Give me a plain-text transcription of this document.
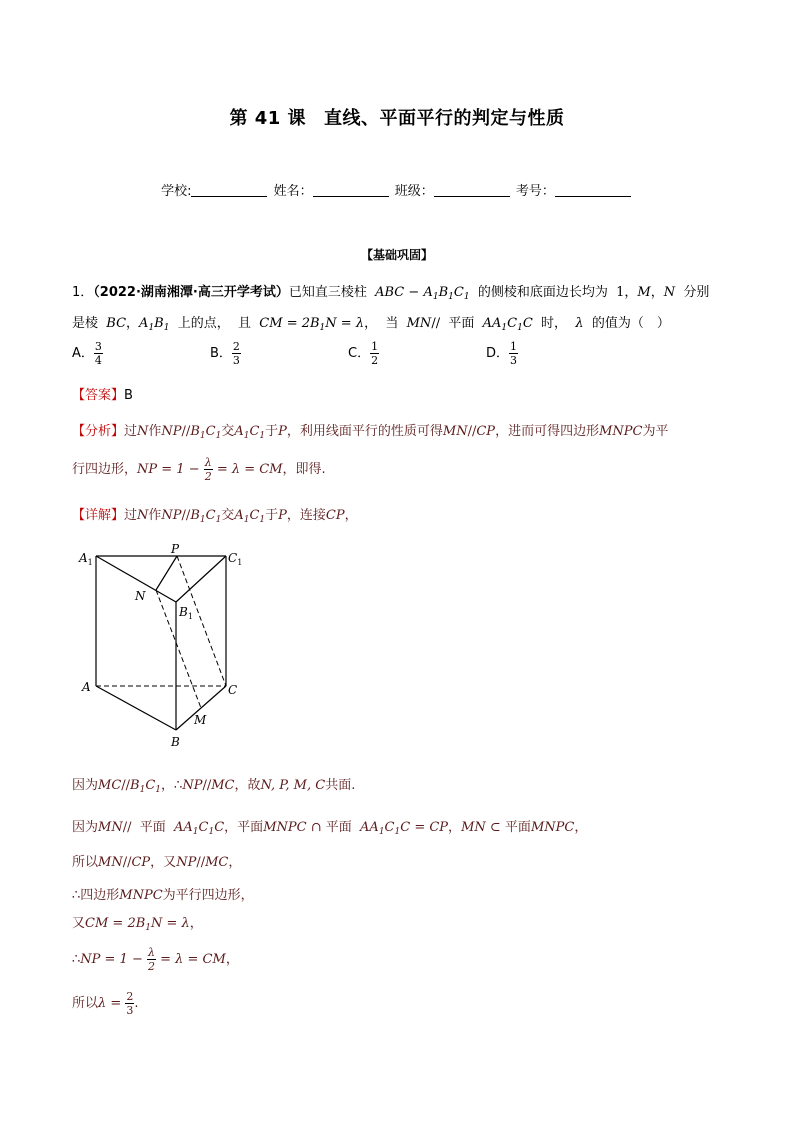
第 41 课 直线、平面平行的判定与性质
学校:	姓名：	班级：	考号：
【基础巩固】
1．（2022·湖南湘潭·高三开学考试）已知直三棱柱 ABC − $A_1B_1C_1$ 的侧棱和底面边长均为 1，M，N 分别
是棱 BC，$A_1B_1$ 上的点， 且 CM = $2B_1N = \lambda$， 当 MN// 平面 $AA_1C_1C$ 时， λ 的值为（　）
A． $\frac{3}{4}$	B． $\frac{2}{3}$	C． $\frac{1}{2}$	D． $\frac{1}{3}$
【答案】B
【分析】过N作$NP//B_1C_1$交$A_1C_1$于P，利用线面平行的性质可得MN//CP，进而可得四边形MNPC为平
行四边形，NP = $1 - \frac{\lambda}{2} = \lambda$ = CM，即得.
【详解】过N作$NP//B_1C_1$交$A_1C_1$于P，连接CP，
$A_1$	$C_1$
P
N
$B_1$
A	C
M
B
因为$MC//B_1C_1$，∴NP//MC，故N, P, M, C共面.
因为MN// 平面 $AA_1C_1C$，平面MNPC ∩ 平面 $AA_1C_1C$ = CP，MN ⊂ 平面MNPC，
所以MN//CP，又NP//MC，
∴四边形MNPC为平行四边形，
又CM = $2B_1N = \lambda$，
∴NP = $1 - \frac{\lambda}{2} = \lambda$ = CM，
所以$\lambda = \frac{2}{3}$ .
